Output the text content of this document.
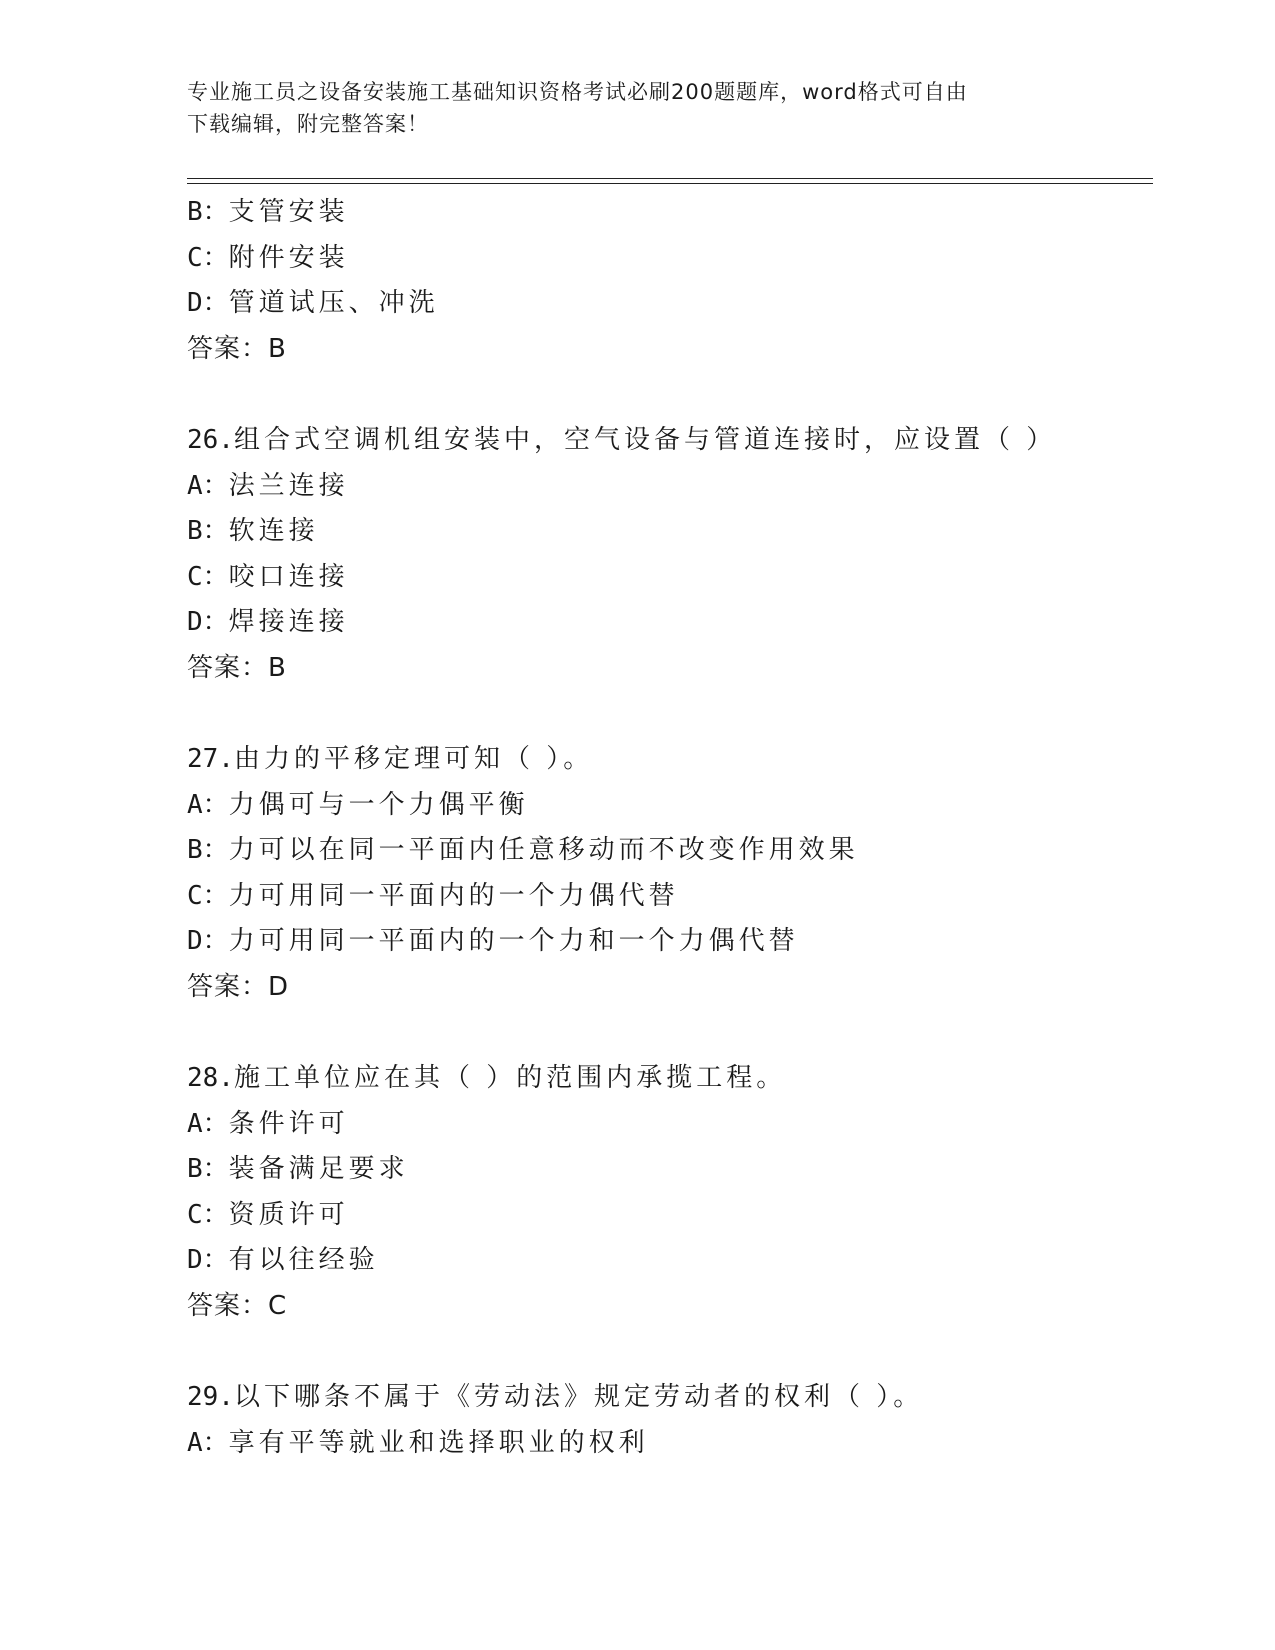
专业施工员之设备安装施工基础知识资格考试必刷200题题库，word格式可自由
下载编辑，附完整答案！
B：支管安装
C：附件安装
D：管道试压、冲洗
答案：B
26.组合式空调机组安装中，空气设备与管道连接时，应设置（ ）
A：法兰连接
B：软连接
C：咬口连接
D：焊接连接
答案：B
27.由力的平移定理可知（ ）。
A：力偶可与一个力偶平衡
B：力可以在同一平面内任意移动而不改变作用效果
C：力可用同一平面内的一个力偶代替
D：力可用同一平面内的一个力和一个力偶代替
答案：D
28.施工单位应在其（ ）的范围内承揽工程。
A：条件许可
B：装备满足要求
C：资质许可
D：有以往经验
答案：C
29.以下哪条不属于《劳动法》规定劳动者的权利（ ）。
A：享有平等就业和选择职业的权利
